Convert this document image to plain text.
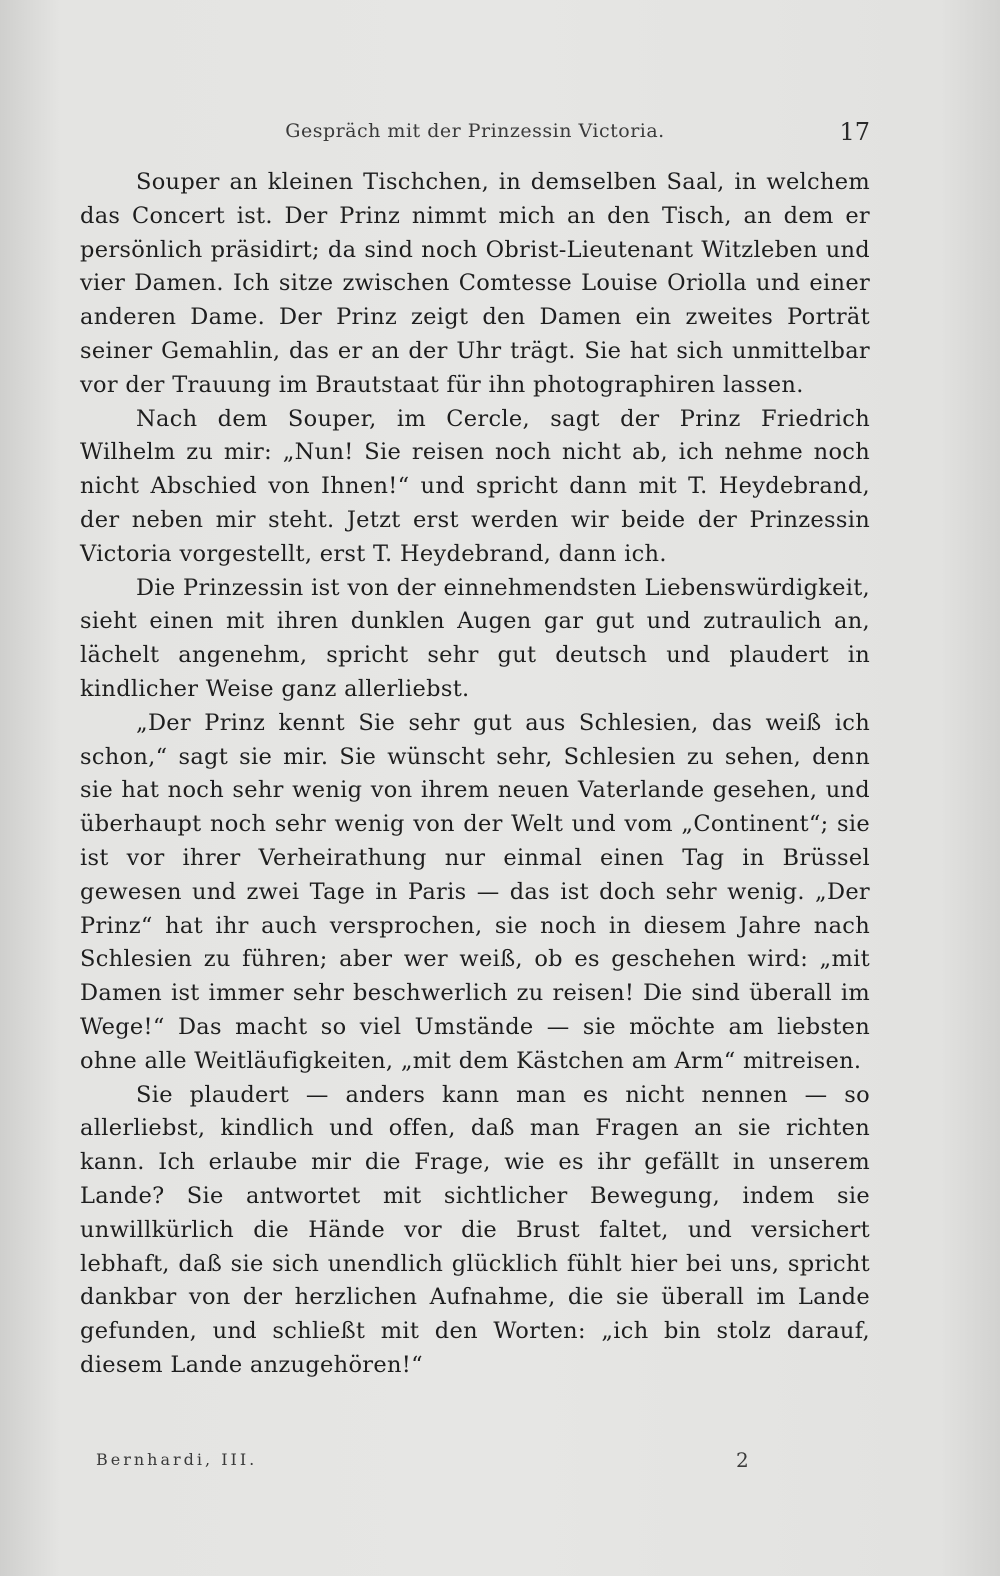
Gespräch mit der Prinzessin Victoria.	17

Souper an kleinen Tischchen, in demselben Saal, in welchem das Concert ist. Der Prinz nimmt mich an den Tisch, an dem er persönlich präsidirt; da sind noch Obrist-Lieutenant Witzleben und vier Damen. Ich sitze zwischen Comtesse Louise Oriolla und einer anderen Dame. Der Prinz zeigt den Damen ein zweites Porträt seiner Gemahlin, das er an der Uhr trägt. Sie hat sich unmittelbar vor der Trauung im Brautstaat für ihn photographiren lassen.

Nach dem Souper, im Cercle, sagt der Prinz Friedrich Wilhelm zu mir: „Nun! Sie reisen noch nicht ab, ich nehme noch nicht Abschied von Ihnen!“ und spricht dann mit T. Heydebrand, der neben mir steht. Jetzt erst werden wir beide der Prinzessin Victoria vorgestellt, erst T. Heydebrand, dann ich.

Die Prinzessin ist von der einnehmendsten Liebenswürdigkeit, sieht einen mit ihren dunklen Augen gar gut und zutraulich an, lächelt angenehm, spricht sehr gut deutsch und plaudert in kindlicher Weise ganz allerliebst.

„Der Prinz kennt Sie sehr gut aus Schlesien, das weiß ich schon,“ sagt sie mir. Sie wünscht sehr, Schlesien zu sehen, denn sie hat noch sehr wenig von ihrem neuen Vaterlande gesehen, und überhaupt noch sehr wenig von der Welt und vom „Continent“; sie ist vor ihrer Verheirathung nur einmal einen Tag in Brüssel gewesen und zwei Tage in Paris — das ist doch sehr wenig. „Der Prinz“ hat ihr auch versprochen, sie noch in diesem Jahre nach Schlesien zu führen; aber wer weiß, ob es geschehen wird: „mit Damen ist immer sehr beschwerlich zu reisen! Die sind überall im Wege!“ Das macht so viel Umstände — sie möchte am liebsten ohne alle Weitläufigkeiten, „mit dem Kästchen am Arm“ mitreisen.

Sie plaudert — anders kann man es nicht nennen — so allerliebst, kindlich und offen, daß man Fragen an sie richten kann. Ich erlaube mir die Frage, wie es ihr gefällt in unserem Lande? Sie antwortet mit sichtlicher Bewegung, indem sie unwillkürlich die Hände vor die Brust faltet, und versichert lebhaft, daß sie sich unendlich glücklich fühlt hier bei uns, spricht dankbar von der herzlichen Aufnahme, die sie überall im Lande gefunden, und schließt mit den Worten: „ich bin stolz darauf, diesem Lande anzugehören!“

Bernhardi, III.	2
